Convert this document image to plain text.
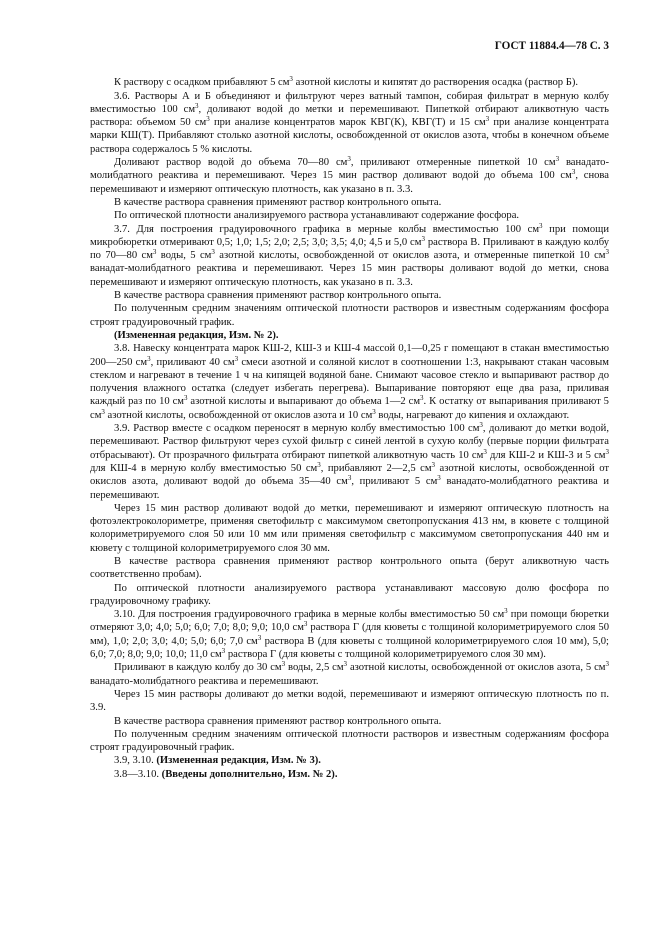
ГОСТ 11884.4—78 С. 3

К раствору с осадком прибавляют 5 $см^3$ азотной кислоты и кипятят до растворения осадка (раствор Б).

3.6. Растворы А и Б объединяют и фильтруют через ватный тампон, собирая фильтрат в мерную колбу вместимостью 100 $см^3$, доливают водой до метки и перемешивают. Пипеткой отбирают аликвотную часть раствора: объемом 50 $см^3$ при анализе концентратов марок КВГ(К), КВГ(Т) и 15 $см^3$ при анализе концентрата марки КШ(Т). Прибавляют столько азотной кислоты, освобожденной от окислов азота, чтобы в конечном объеме раствора содержалось 5 % кислоты.

Доливают раствор водой до объема 70—80 $см^3$, приливают отмеренные пипеткой 10 $см^3$ ванадато-молибдатного реактива и перемешивают. Через 15 мин раствор доливают водой до объема 100 $см^3$, снова перемешивают и измеряют оптическую плотность, как указано в п. 3.3.

В качестве раствора сравнения применяют раствор контрольного опыта.

По оптической плотности анализируемого раствора устанавливают содержание фосфора.

3.7. Для построения градуировочного графика в мерные колбы вместимостью 100 $см^3$ при помощи микробюретки отмеривают 0,5; 1,0; 1,5; 2,0; 2,5; 3,0; 3,5; 4,0; 4,5 и 5,0 $см^3$ раствора В. Приливают в каждую колбу по 70—80 $см^3$ воды, 5 $см^3$ азотной кислоты, освобожденной от окислов азота, и отмеренные пипеткой 10 $см^3$ ванадат-молибдатного реактива и перемешивают. Через 15 мин растворы доливают водой до метки, снова перемешивают и измеряют оптическую плотность, как указано в п. 3.3.

В качестве раствора сравнения применяют раствор контрольного опыта.

По полученным средним значениям оптической плотности растворов и известным содержаниям фосфора строят градуировочный график.

(Измененная редакция, Изм. № 2).

3.8. Навеску концентрата марок КШ-2, КШ-3 и КШ-4 массой 0,1—0,25 г помещают в стакан вместимостью 200—250 $см^3$, приливают 40 $см^3$ смеси азотной и соляной кислот в соотношении 1:3, накрывают стакан часовым стеклом и нагревают в течение 1 ч на кипящей водяной бане. Снимают часовое стекло и выпаривают раствор до получения влажного остатка (следует избегать перегрева). Выпаривание повторяют еще два раза, приливая каждый раз по 10 $см^3$ азотной кислоты и выпаривают до объема 1—2 $см^3$. К остатку от выпаривания приливают 5 $см^3$ азотной кислоты, освобожденной от окислов азота и 10 $см^3$ воды, нагревают до кипения и охлаждают.

3.9. Раствор вместе с осадком переносят в мерную колбу вместимостью 100 $см^3$, доливают до метки водой, перемешивают. Раствор фильтруют через сухой фильтр с синей лентой в сухую колбу (первые порции фильтрата отбрасывают). От прозрачного фильтрата отбирают пипеткой аликвотную часть 10 $см^3$ для КШ-2 и КШ-3 и 5 $см^3$ для КШ-4 в мерную колбу вместимостью 50 $см^3$, прибавляют 2—2,5 $см^3$ азотной кислоты, освобожденной от окислов азота, доливают водой до объема 35—40 $см^3$, приливают 5 $см^3$ ванадато-молибдатного реактива и перемешивают.

Через 15 мин раствор доливают водой до метки, перемешивают и измеряют оптическую плотность на фотоэлектроколориметре, применяя светофильтр с максимумом светопропускания 413 нм, в кювете с толщиной колориметрируемого слоя 50 или 10 мм или применяя светофильтр с максимумом светопропускания 440 нм и кювету с толщиной колориметрируемого слоя 30 мм.

В качестве раствора сравнения применяют раствор контрольного опыта (берут аликвотную часть соответственно пробам).

По оптической плотности анализируемого раствора устанавливают массовую долю фосфора по градуировочному графику.

3.10. Для построения градуировочного графика в мерные колбы вместимостью 50 $см^3$ при помощи бюретки отмеряют 3,0; 4,0; 5,0; 6,0; 7,0; 8,0; 9,0; 10,0 $см^3$ раствора Г (для кюветы с толщиной колориметрируемого слоя 50 мм), 1,0; 2,0; 3,0; 4,0; 5,0; 6,0; 7,0 $см^3$ раствора В (для кюветы с толщиной колориметрируемого слоя 10 мм), 5,0; 6,0; 7,0; 8,0; 9,0; 10,0; 11,0 $см^3$ раствора Г (для кюветы с толщиной колориметрируемого слоя 30 мм).

Приливают в каждую колбу до 30 $см^3$ воды, 2,5 $см^3$ азотной кислоты, освобожденной от окислов азота, 5 $см^3$ ванадато-молибдатного реактива и перемешивают.

Через 15 мин растворы доливают до метки водой, перемешивают и измеряют оптическую плотность по п. 3.9.

В качестве раствора сравнения применяют раствор контрольного опыта.

По полученным средним значениям оптической плотности растворов и известным содержаниям фосфора строят градуировочный график.

3.9, 3.10. (Измененная редакция, Изм. № 3).

3.8—3.10. (Введены дополнительно, Изм. № 2).
